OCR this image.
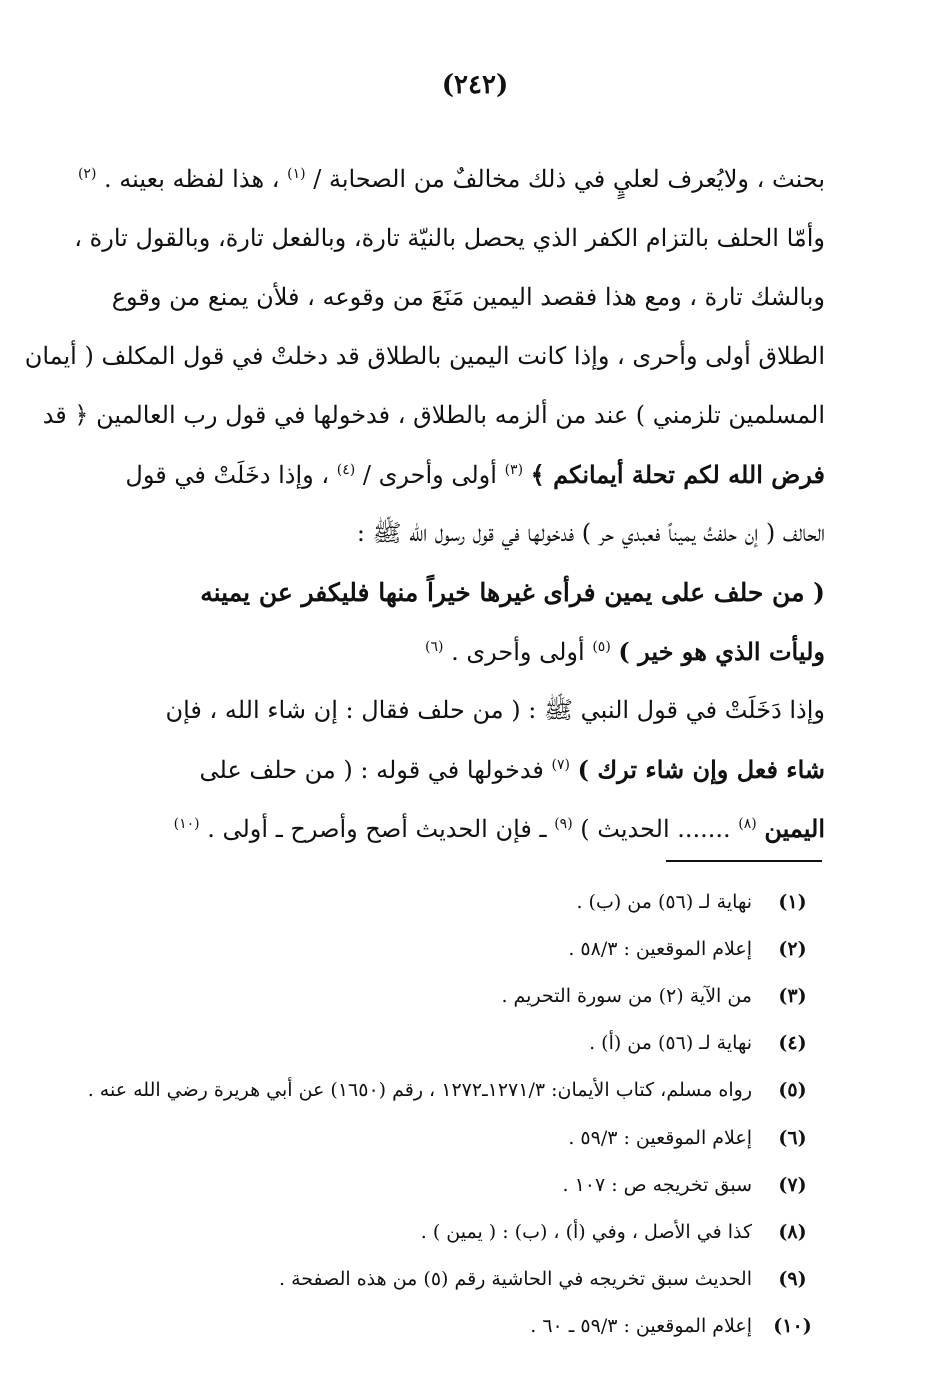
(٢٤٢)
بحنث ، ولايُعرف لعليٍ في ذلك مخالفٌ من الصحابة / $^{(١)}$ ، هذا لفظه بعينه . $^{(٢)}$
وأمّا الحلف بالتزام الكفر الذي يحصل بالنيّة تارة، وبالفعل تارة، وبالقول تارة ،
وبالشك تارة ، ومع هذا فقصد اليمين مَنَعَ من وقوعه ، فلأن يمنع من وقوع
الطلاق أولى وأحرى ، وإذا كانت اليمين بالطلاق قد دخلتْ في قول المكلف ( أيمان
المسلمين تلزمني ) عند من ألزمه بالطلاق ، فدخولها في قول رب العالمين ﴿ قد
فرض الله لكم تحلة أيمانكم ﴾ $^{(٣)}$ أولى وأحرى / $^{(٤)}$ ، وإذا دخَلَتْ في قول
الحالف ( إن حلفتُ يميناً فعبدي حر ) فدخولها في قول رسول الله ﷺ :
( من حلف على يمين فرأى غيرها خيراً منها فليكفر عن يمينه
وليأت الذي هو خير ) $^{(٥)}$ أولى وأحرى . $^{(٦)}$
وإذا دَخَلَتْ في قول النبي ﷺ : ( من حلف فقال : إن شاء الله ، فإن
شاء فعل وإن شاء ترك ) $^{(٧)}$ فدخولها في قوله : ( من حلف على
اليمين $^{(٨)}$ ....... الحديث ) $^{(٩)}$ ـ فإن الحديث أصح وأصرح ـ أولى . $^{(١٠)}$
(١)
نهاية لـ (٥٦) من (ب) .
(٢)
إعلام الموقعين : ٥٨/٣ .
(٣)
من الآية (٢) من سورة التحريم .
(٤)
نهاية لـ (٥٦) من (أ) .
(٥)
رواه مسلم، كتاب الأيمان: ١٢٧١/٣ـ١٢٧٢ ، رقم (١٦٥٠) عن أبي هريرة رضي الله عنه .
(٦)
إعلام الموقعين : ٥٩/٣ .
(٧)
سبق تخريجه ص : ١٠٧ .
(٨)
كذا في الأصل ، وفي (أ) ، (ب) : ( يمين ) .
(٩)
الحديث سبق تخريجه في الحاشية رقم (٥) من هذه الصفحة .
(١٠)
إعلام الموقعين : ٥٩/٣ ـ ٦٠ .
